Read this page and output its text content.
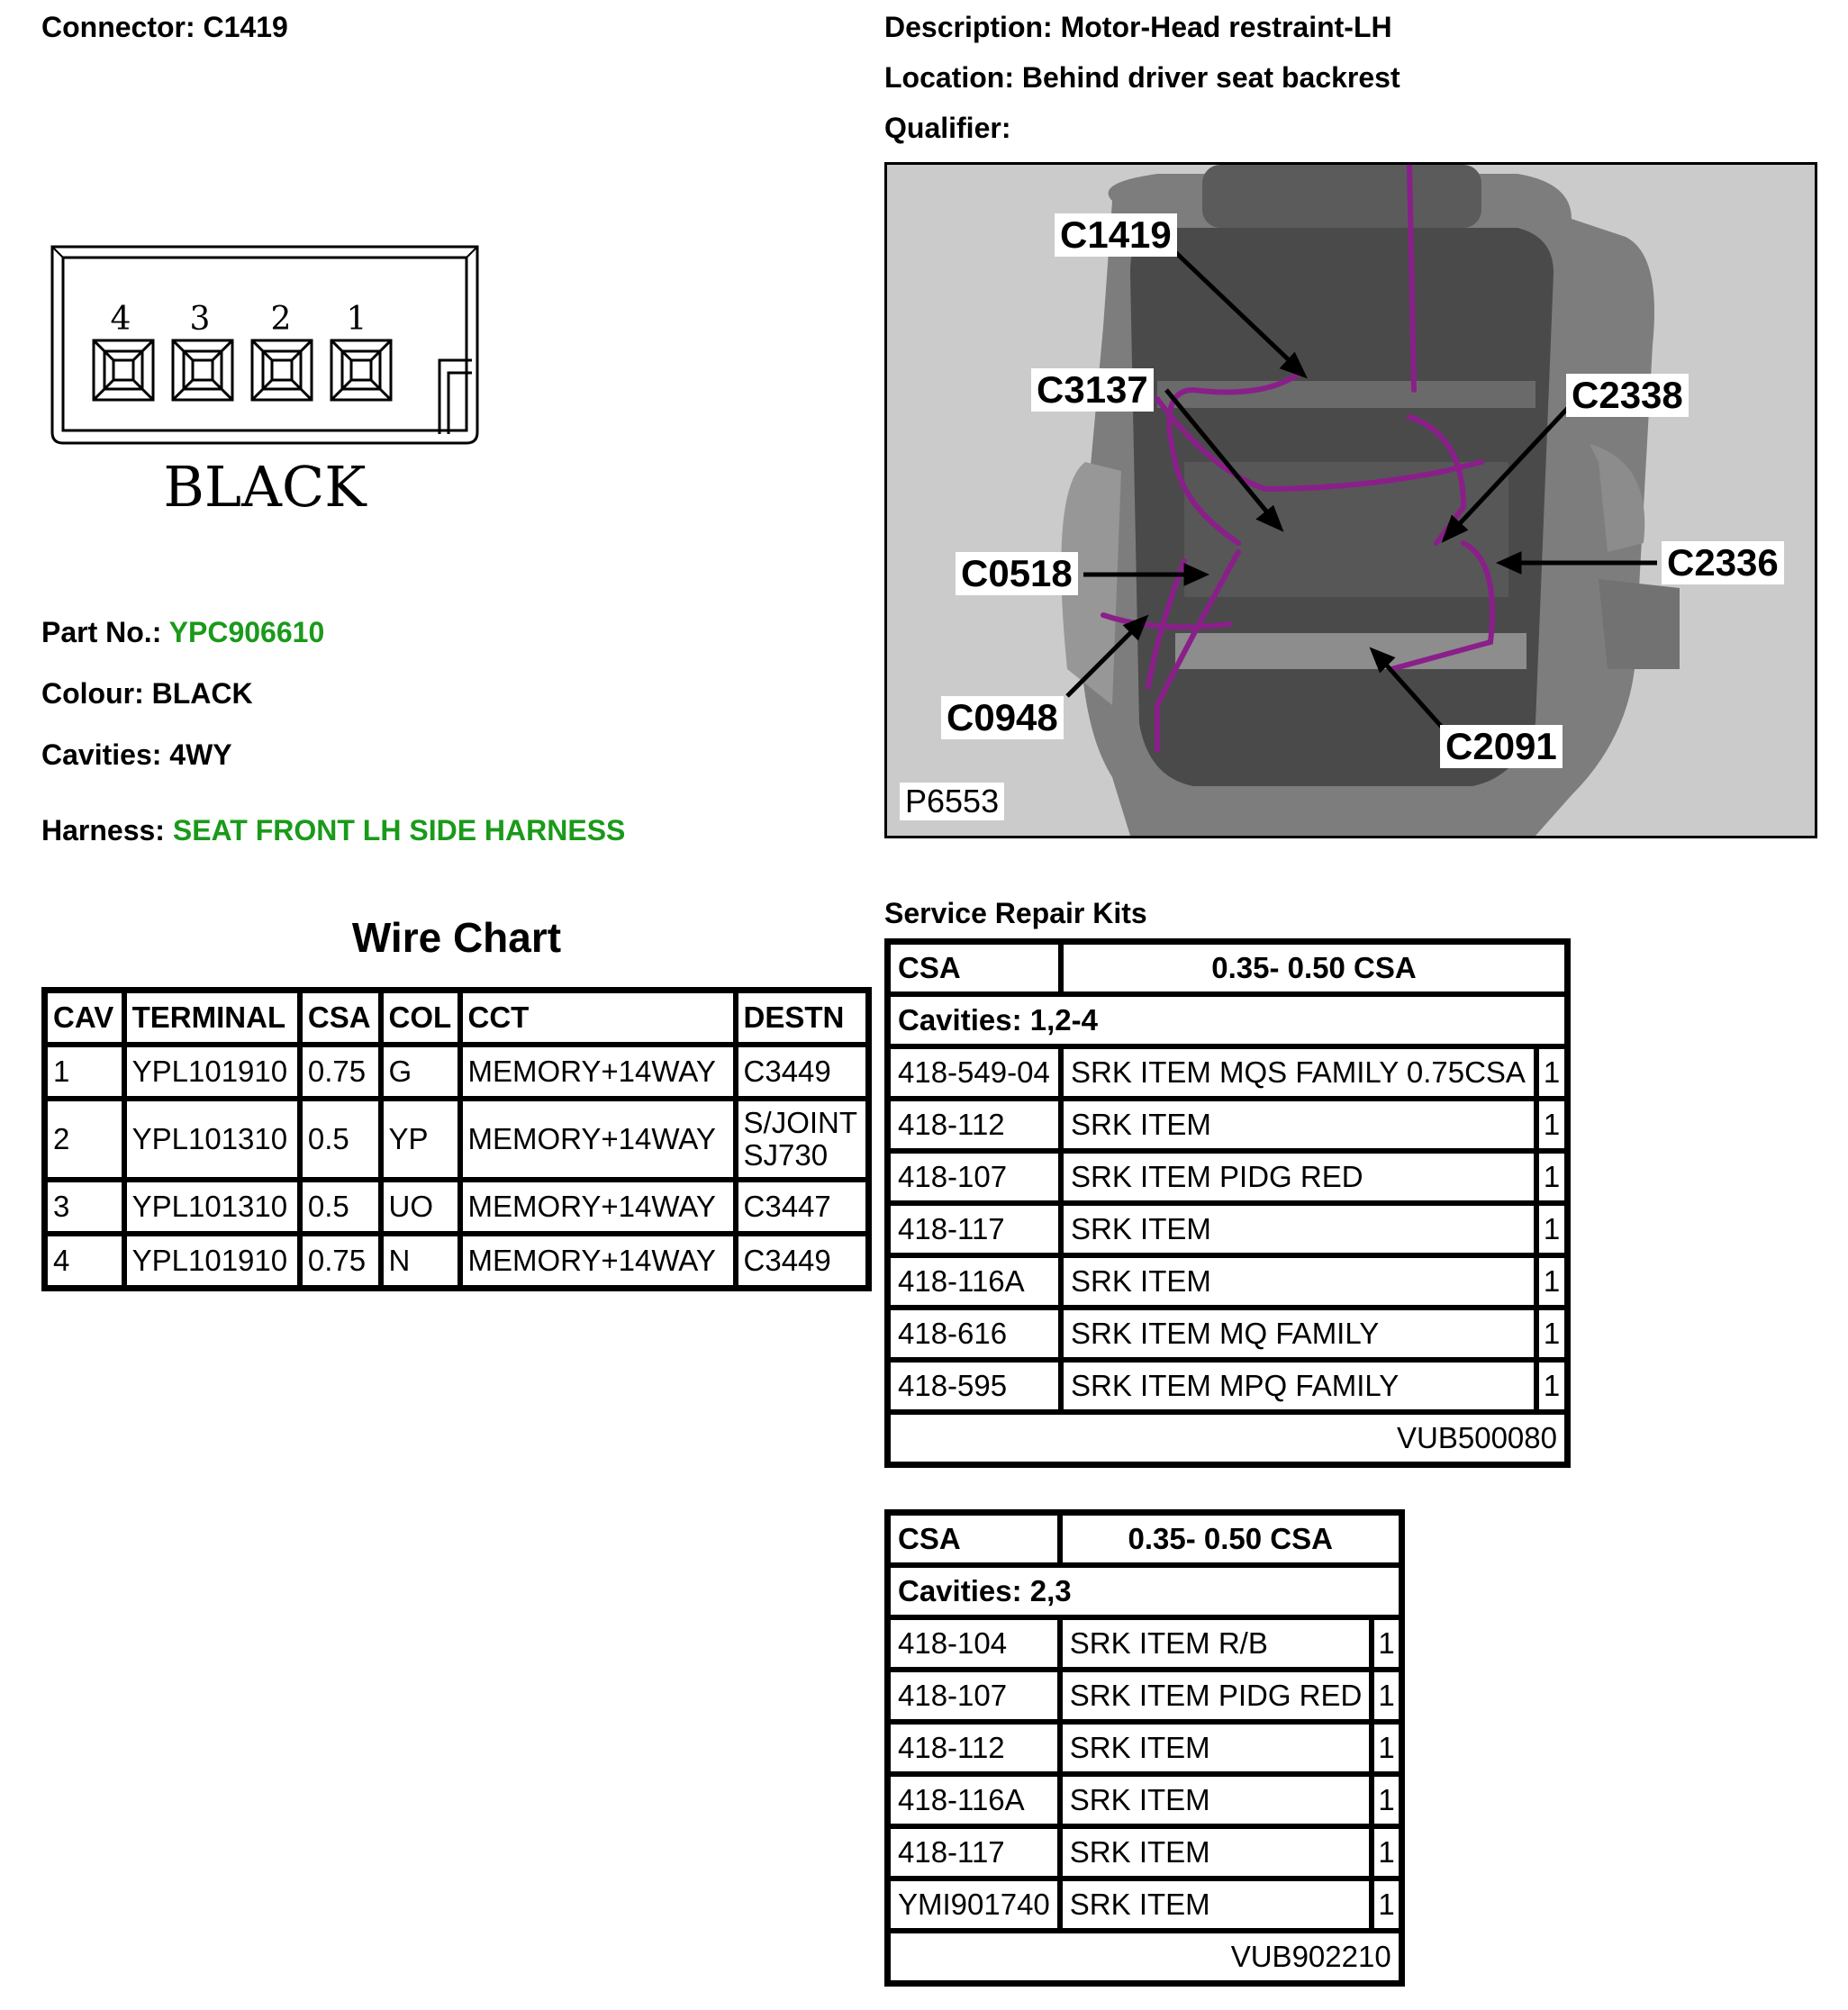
Connector: C1419	Description: Motor-Head restraint-LH
Location: Behind driver seat backrest
Qualifier:
4 3 2 1
BLACK
Part No.: YPC906610
Colour: BLACK
Cavities: 4WY
Harness: SEAT FRONT LH SIDE HARNESS
C1419
C3137	C2338
C0518	C2336
C0948
C2091
P6553
Wire Chart
CAV	TERMINAL	CSA	COL	CCT	DESTN
1	YPL101910	0.75	G	MEMORY+14WAY	C3449
2	YPL101310	0.5	YP	MEMORY+14WAY	S/JOINT SJ730
3	YPL101310	0.5	UO	MEMORY+14WAY	C3447
4	YPL101910	0.75	N	MEMORY+14WAY	C3449
Service Repair Kits
CSA	0.35- 0.50 CSA	
Cavities: 1,2-4		
418-549-04	SRK ITEM MQS FAMILY 0.75CSA	1
418-112	SRK ITEM	1
418-107	SRK ITEM PIDG RED	1
418-117	SRK ITEM	1
418-116A	SRK ITEM	1
418-616	SRK ITEM MQ FAMILY	1
418-595	SRK ITEM MPQ FAMILY	1
VUB500080		
CSA	0.35- 0.50 CSA	
Cavities: 2,3		
418-104	SRK ITEM R/B	1
418-107	SRK ITEM PIDG RED	1
418-112	SRK ITEM	1
418-116A	SRK ITEM	1
418-117	SRK ITEM	1
YMI901740	SRK ITEM	1
VUB902210		
